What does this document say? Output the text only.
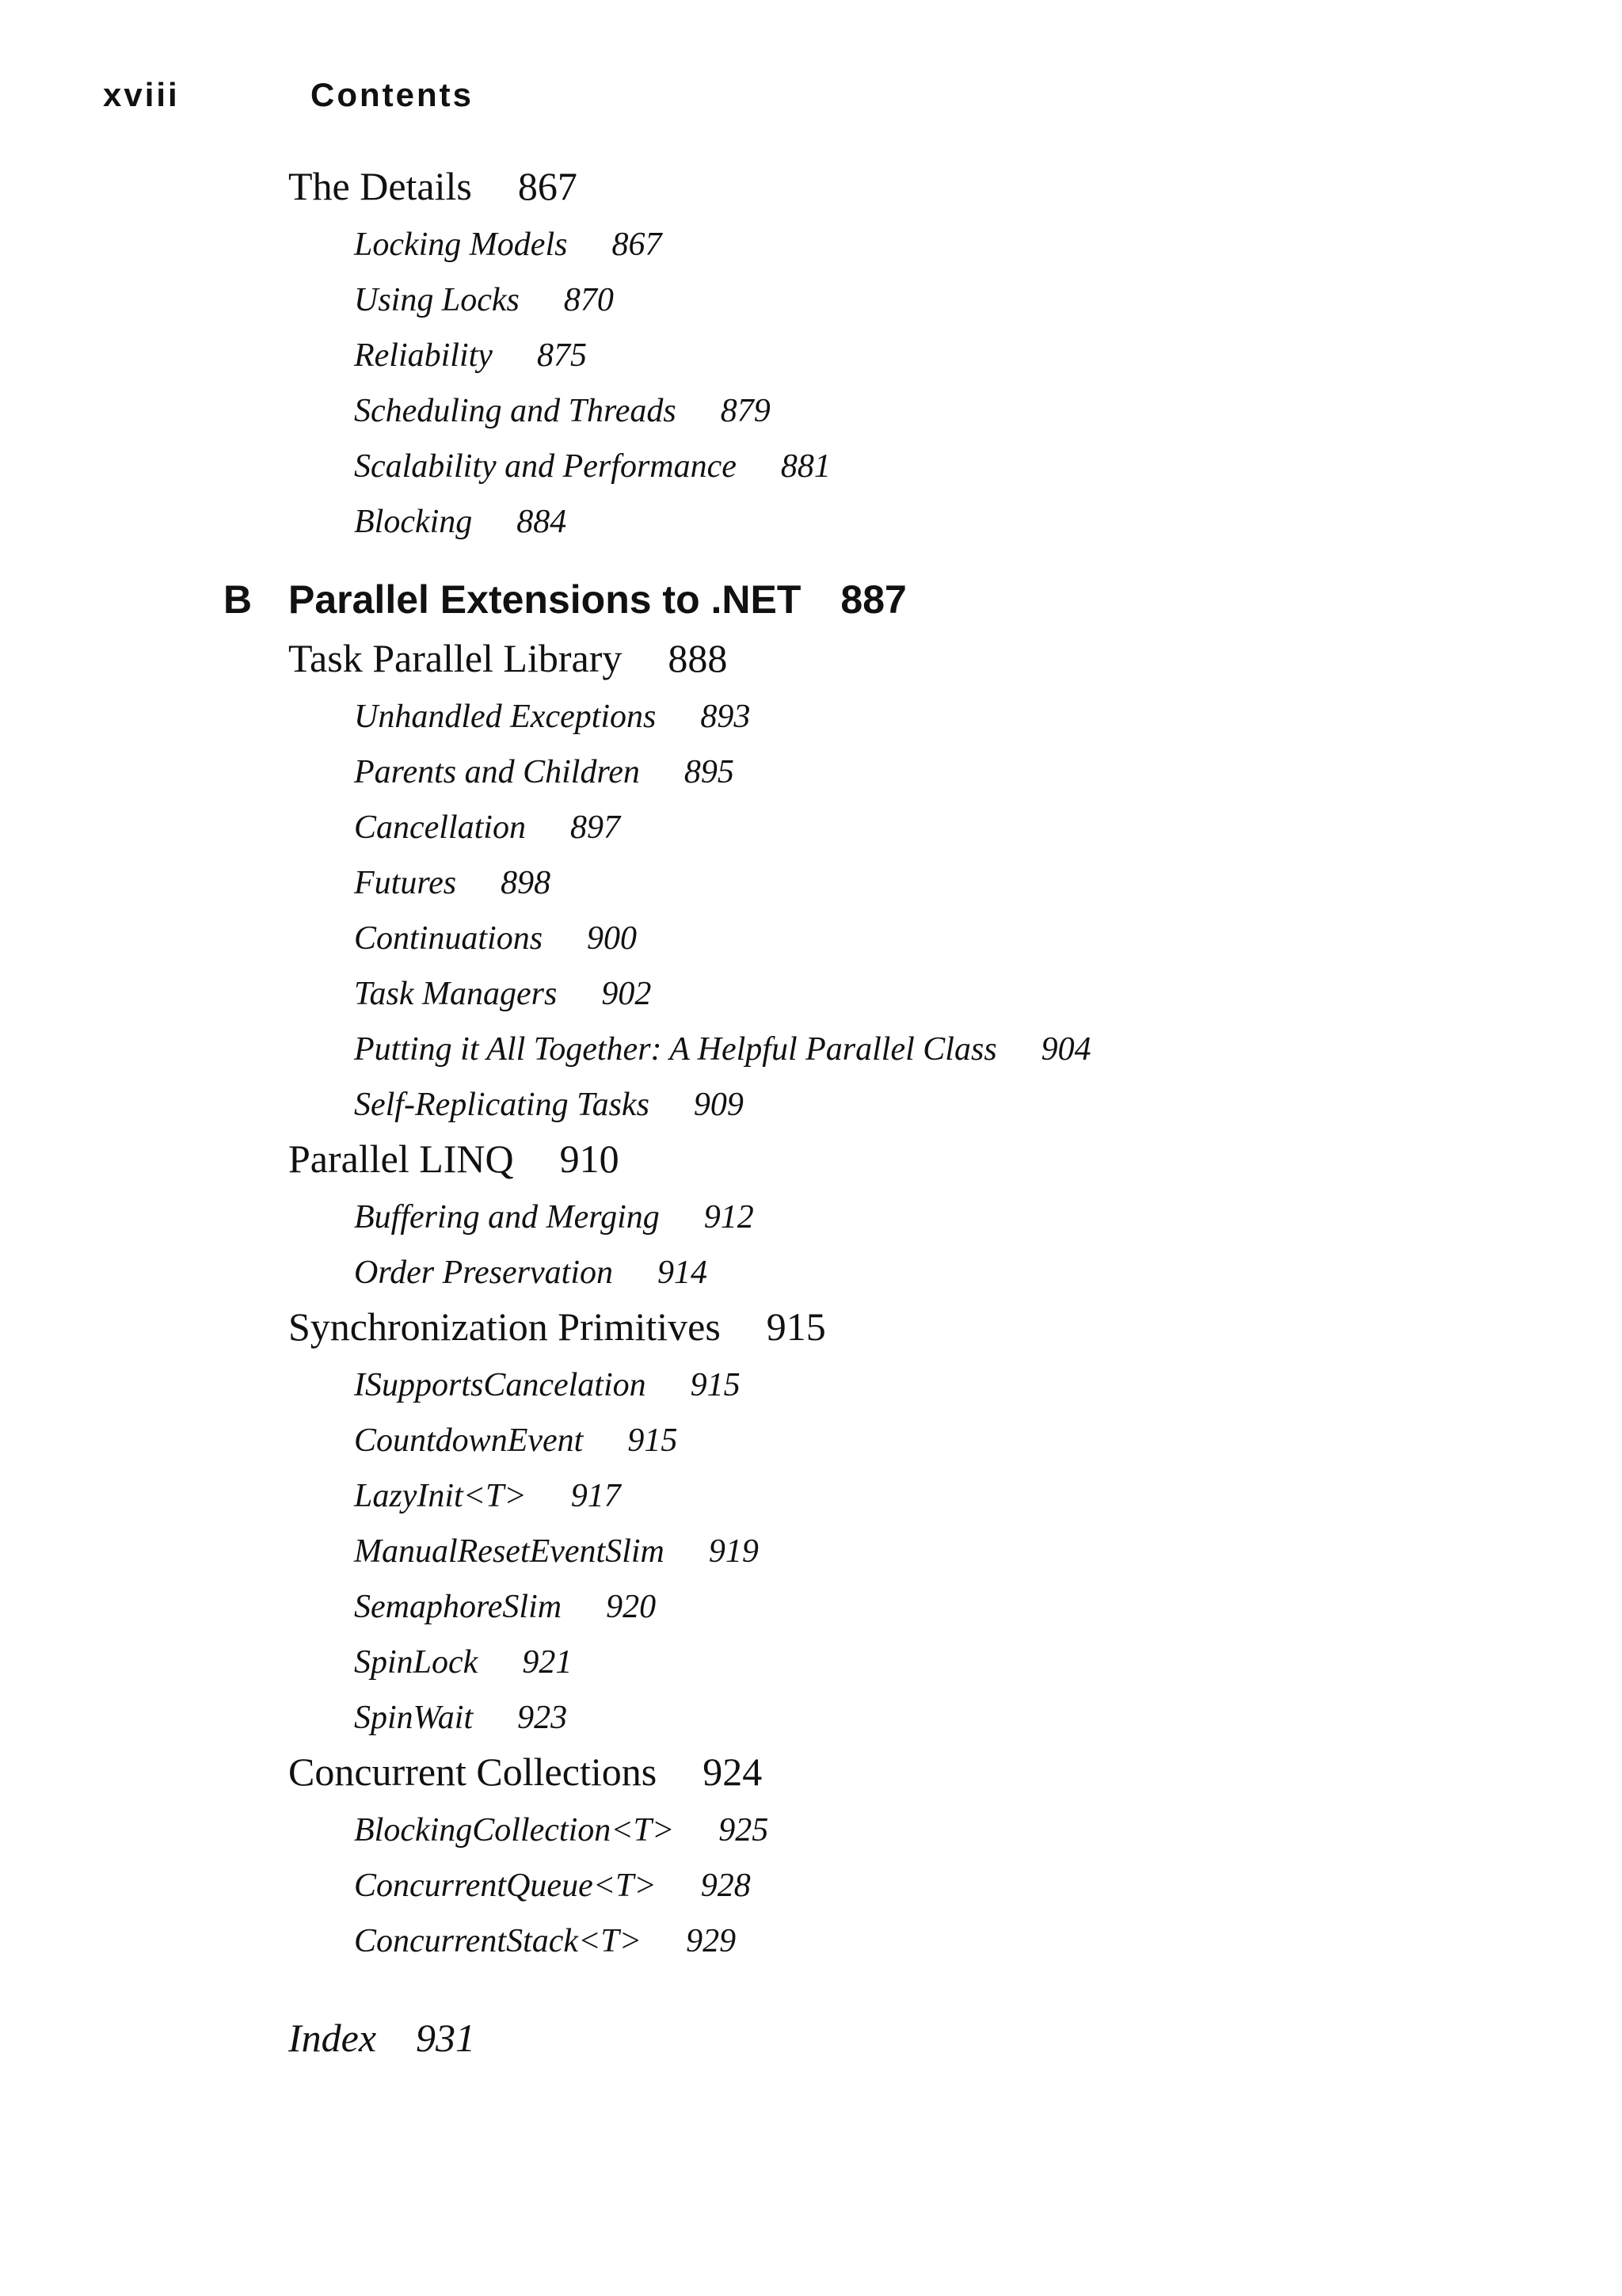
xviii	Contents
The Details 867
Locking Models 867
Using Locks 870
Reliability 875
Scheduling and Threads 879
Scalability and Performance 881
Blocking 884
B Parallel Extensions to .NET 887
Task Parallel Library 888
Unhandled Exceptions 893
Parents and Children 895
Cancellation 897
Futures 898
Continuations 900
Task Managers 902
Putting it All Together: A Helpful Parallel Class 904
Self-Replicating Tasks 909
Parallel LINQ 910
Buffering and Merging 912
Order Preservation 914
Synchronization Primitives 915
ISupportsCancelation 915
CountdownEvent 915
LazyInit<T> 917
ManualResetEventSlim 919
SemaphoreSlim 920
SpinLock 921
SpinWait 923
Concurrent Collections 924
BlockingCollection<T> 925
ConcurrentQueue<T> 928
ConcurrentStack<T> 929
Index 931
